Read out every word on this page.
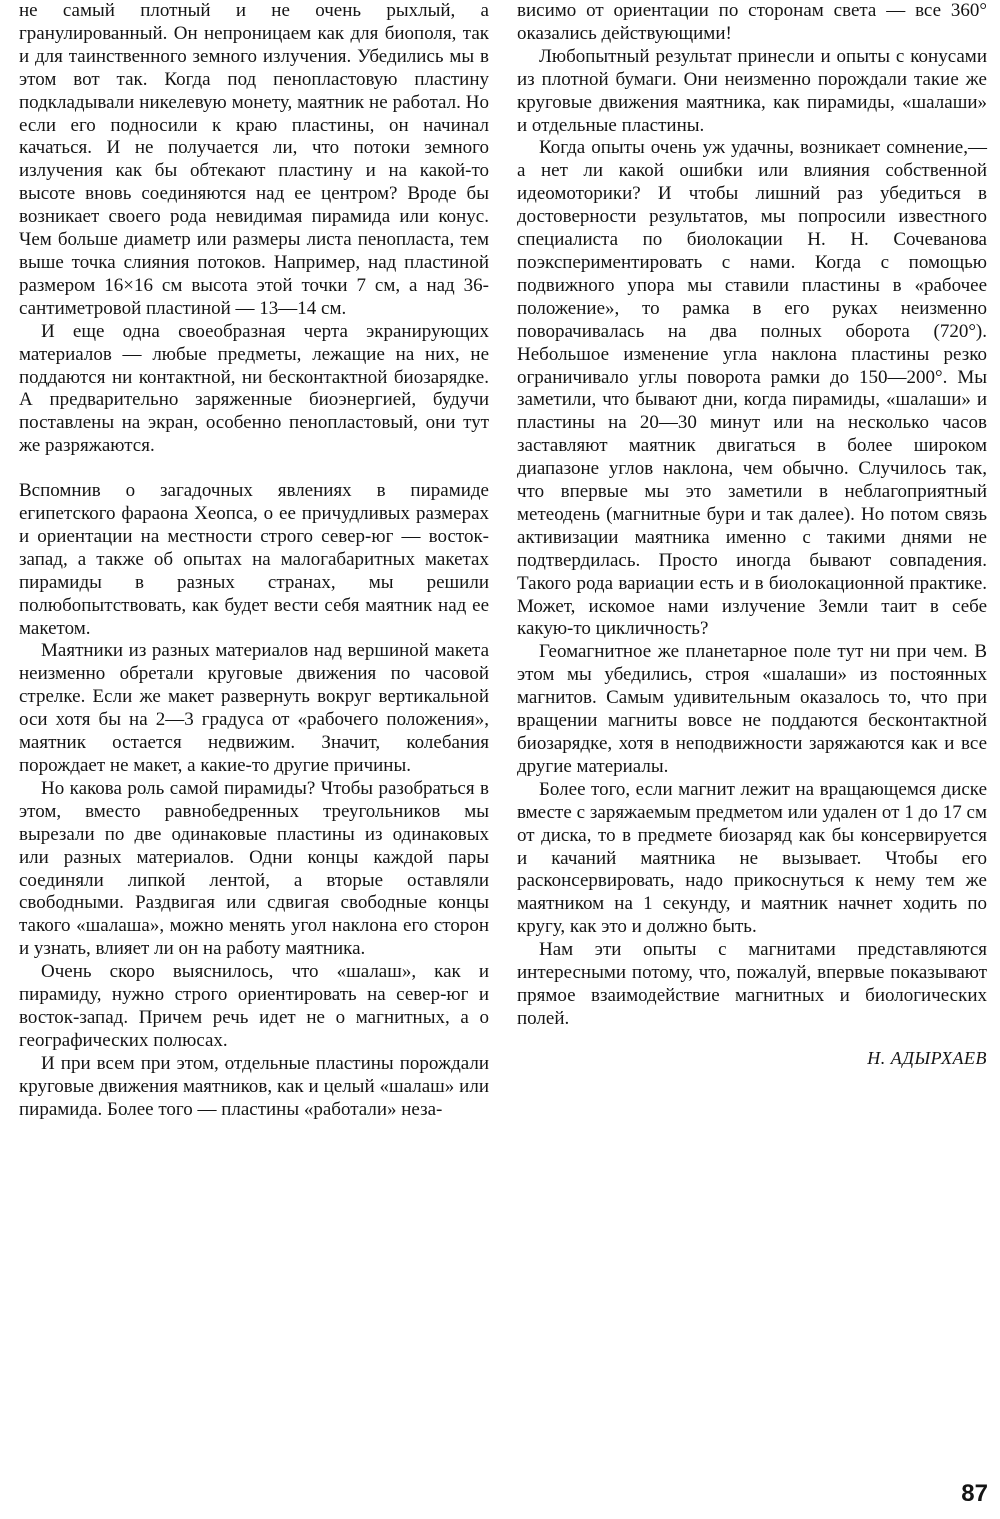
не самый плотный и не очень рыхлый, а гранулированный. Он непроницаем как для биополя, так и для таинственного земного излучения. Убедились мы в этом вот так. Когда под пенопластовую пластину подкладывали никелевую монету, маятник не работал. Но если его подносили к краю пластины, он начинал качаться. И не получается ли, что потоки земного излучения как бы обтекают пластину и на какой-то высоте вновь соединяются над ее центром? Вроде бы возникает своего рода невидимая пирамида или конус. Чем больше диаметр или размеры листа пенопласта, тем выше точка слияния потоков. Например, над пластиной размером 16×16 см высота этой точки 7 см, а над 36-сантиметровой пластиной — 13—14 см.

И еще одна своеобразная черта экранирующих материалов — любые предметы, лежащие на них, не поддаются ни контактной, ни бесконтактной биозарядке. А предварительно заряженные биоэнергией, будучи поставлены на экран, особенно пенопластовый, они тут же разряжаются.

Вспомнив о загадочных явлениях в пирамиде египетского фараона Хеопса, о ее причудливых размерах и ориентации на местности строго север-юг — восток-запад, а также об опытах на малогабаритных макетах пирамиды в разных странах, мы решили полюбопытствовать, как будет вести себя маятник над ее макетом.

Маятники из разных материалов над вершиной макета неизменно обретали круговые движения по часовой стрелке. Если же макет развернуть вокруг вертикальной оси хотя бы на 2—3 градуса от «рабочего положения», маятник остается недвижим. Значит, колебания порождает не макет, а какие-то другие причины.

Но какова роль самой пирамиды? Чтобы разобраться в этом, вместо равнобедренных треугольников мы вырезали по две одинаковые пластины из одинаковых или разных материалов. Одни концы каждой пары соединяли липкой лентой, а вторые оставляли свободными. Раздвигая или сдвигая свободные концы такого «шалаша», можно менять угол наклона его сторон и узнать, влияет ли он на работу маятника.

Очень скоро выяснилось, что «шалаш», как и пирамиду, нужно строго ориентировать на север-юг и восток-запад. Причем речь идет не о магнитных, а о географических полюсах.

И при всем при этом, отдельные пластины порождали круговые движения маятников, как и целый «шалаш» или пирамида. Более того — пластины «работали» неза-

висимо от ориентации по сторонам света — все 360° оказались действующими!

Любопытный результат принесли и опыты с конусами из плотной бумаги. Они неизменно порождали такие же круговые движения маятника, как пирамиды, «шалаши» и отдельные пластины.

Когда опыты очень уж удачны, возникает сомнение,— а нет ли какой ошибки или влияния собственной идеомоторики? И чтобы лишний раз убедиться в достоверности результатов, мы попросили известного специалиста по биолокации Н. Н. Сочеванова поэкспериментировать с нами. Когда с помощью подвижного упора мы ставили пластины в «рабочее положение», то рамка в его руках неизменно поворачивалась на два полных оборота (720°). Небольшое изменение угла наклона пластины резко ограничивало углы поворота рамки до 150—200°. Мы заметили, что бывают дни, когда пирамиды, «шалаши» и пластины на 20—30 минут или на несколько часов заставляют маятник двигаться в более широком диапазоне углов наклона, чем обычно. Случилось так, что впервые мы это заметили в неблагоприятный метеодень (магнитные бури и так далее). Но потом связь активизации маятника именно с такими днями не подтвердилась. Просто иногда бывают совпадения. Такого рода вариации есть и в биолокационной практике. Может, искомое нами излучение Земли таит в себе какую-то цикличность?

Геомагнитное же планетарное поле тут ни при чем. В этом мы убедились, строя «шалаши» из постоянных магнитов. Самым удивительным оказалось то, что при вращении магниты вовсе не поддаются бесконтактной биозарядке, хотя в неподвижности заряжаются как и все другие материалы.

Более того, если магнит лежит на вращающемся диске вместе с заряжаемым предметом или удален от 1 до 17 см от диска, то в предмете биозаряд как бы консервируется и качаний маятника не вызывает. Чтобы его расконсервировать, надо прикоснуться к нему тем же маятником на 1 секунду, и маятник начнет ходить по кругу, как это и должно быть.

Нам эти опыты с магнитами представляются интересными потому, что, пожалуй, впервые показывают прямое взаимодействие магнитных и биологических полей.

Н. АДЫРХАЕВ
87
